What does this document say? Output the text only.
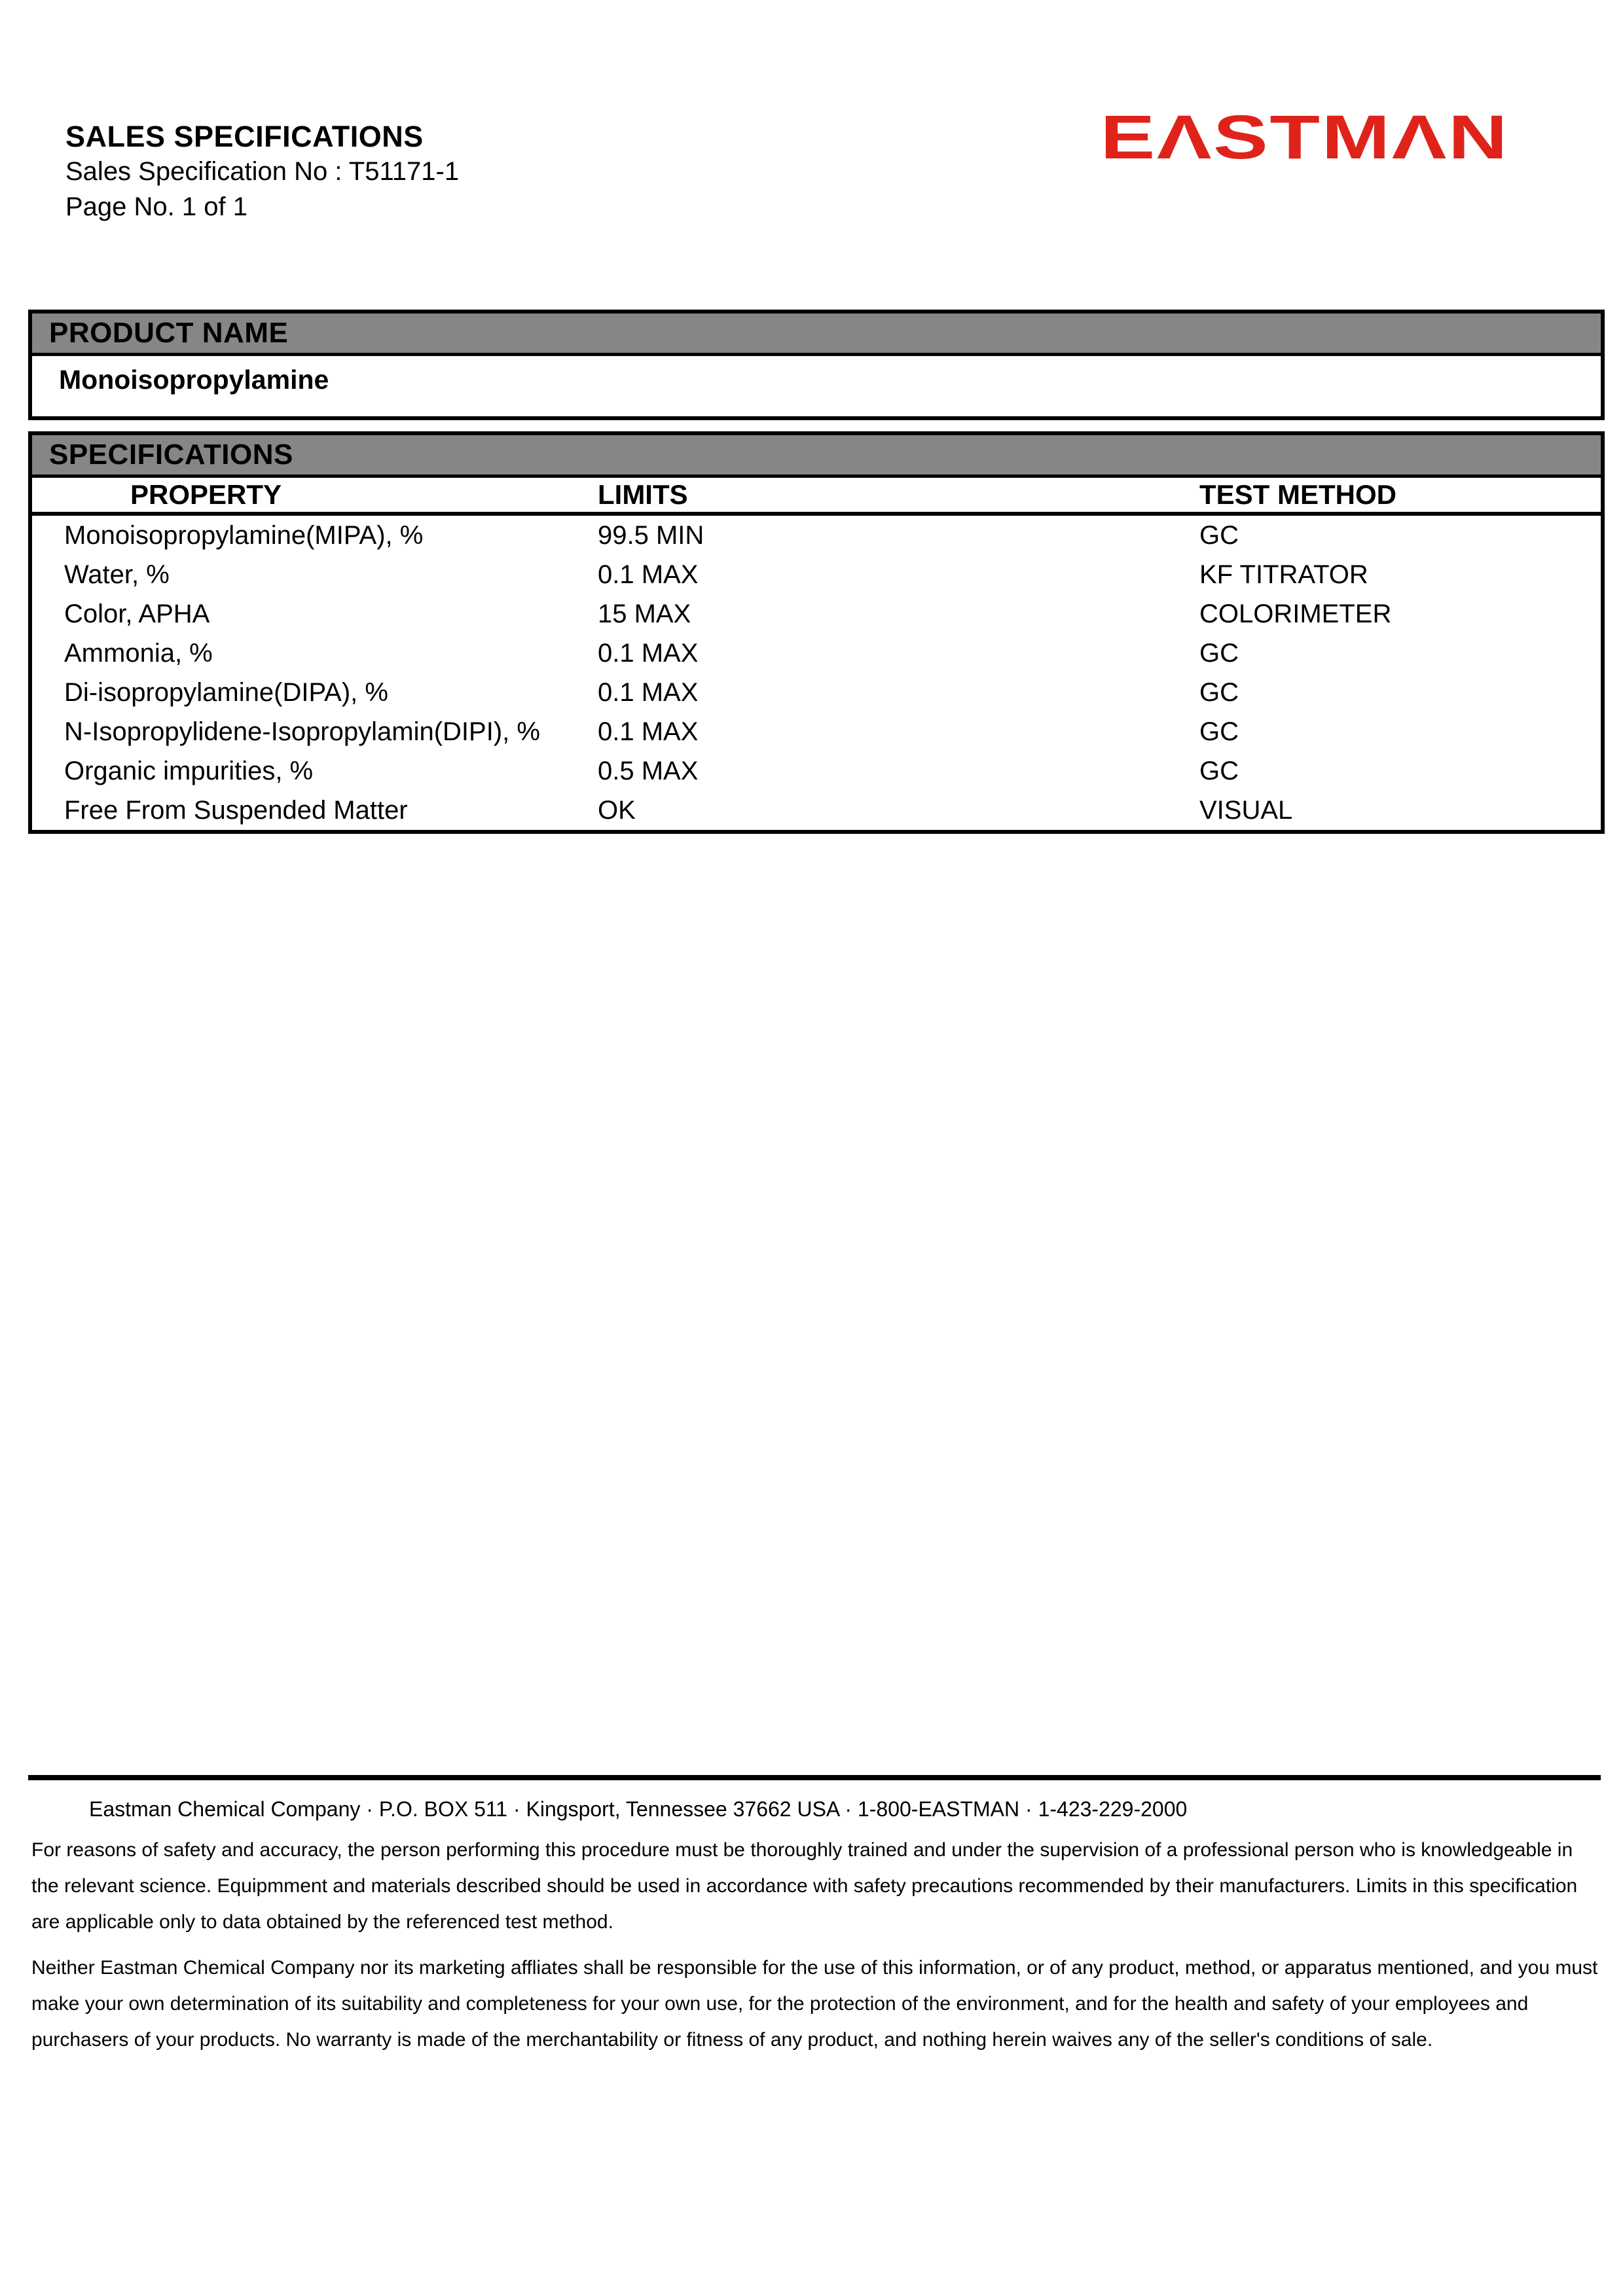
SALES SPECIFICATIONS
Sales Specification No : T51171-1
Page No. 1 of 1
EΛSTMΛN
PRODUCT NAME
Monoisopropylamine
SPECIFICATIONS
PROPERTY	LIMITS	TEST METHOD
Monoisopropylamine(MIPA), %	99.5 MIN	GC
Water, %	0.1 MAX	KF TITRATOR
Color, APHA	15 MAX	COLORIMETER
Ammonia, %	0.1 MAX	GC
Di-isopropylamine(DIPA), %	0.1 MAX	GC
N-Isopropylidene-Isopropylamin(DIPI), %	0.1 MAX	GC
Organic impurities, %	0.5 MAX	GC
Free From Suspended Matter	OK	VISUAL
Eastman Chemical Company · P.O. BOX 511 · Kingsport, Tennessee 37662 USA · 1-800-EASTMAN · 1-423-229-2000

For reasons of safety and accuracy, the person performing this procedure must be thoroughly trained and under the supervision of a professional person who is knowledgeable in the relevant science. Equipmment and materials described should be used in accordance with safety precautions recommended by their manufacturers. Limits in this specification are applicable only to data obtained by the referenced test method.

Neither Eastman Chemical Company nor its marketing affliates shall be responsible for the use of this information, or of any product, method, or apparatus mentioned, and you must make your own determination of its suitability and completeness for your own use, for the protection of the environment, and for the health and safety of your employees and purchasers of your products. No warranty is made of the merchantability or fitness of any product, and nothing herein waives any of the seller's conditions of sale.
